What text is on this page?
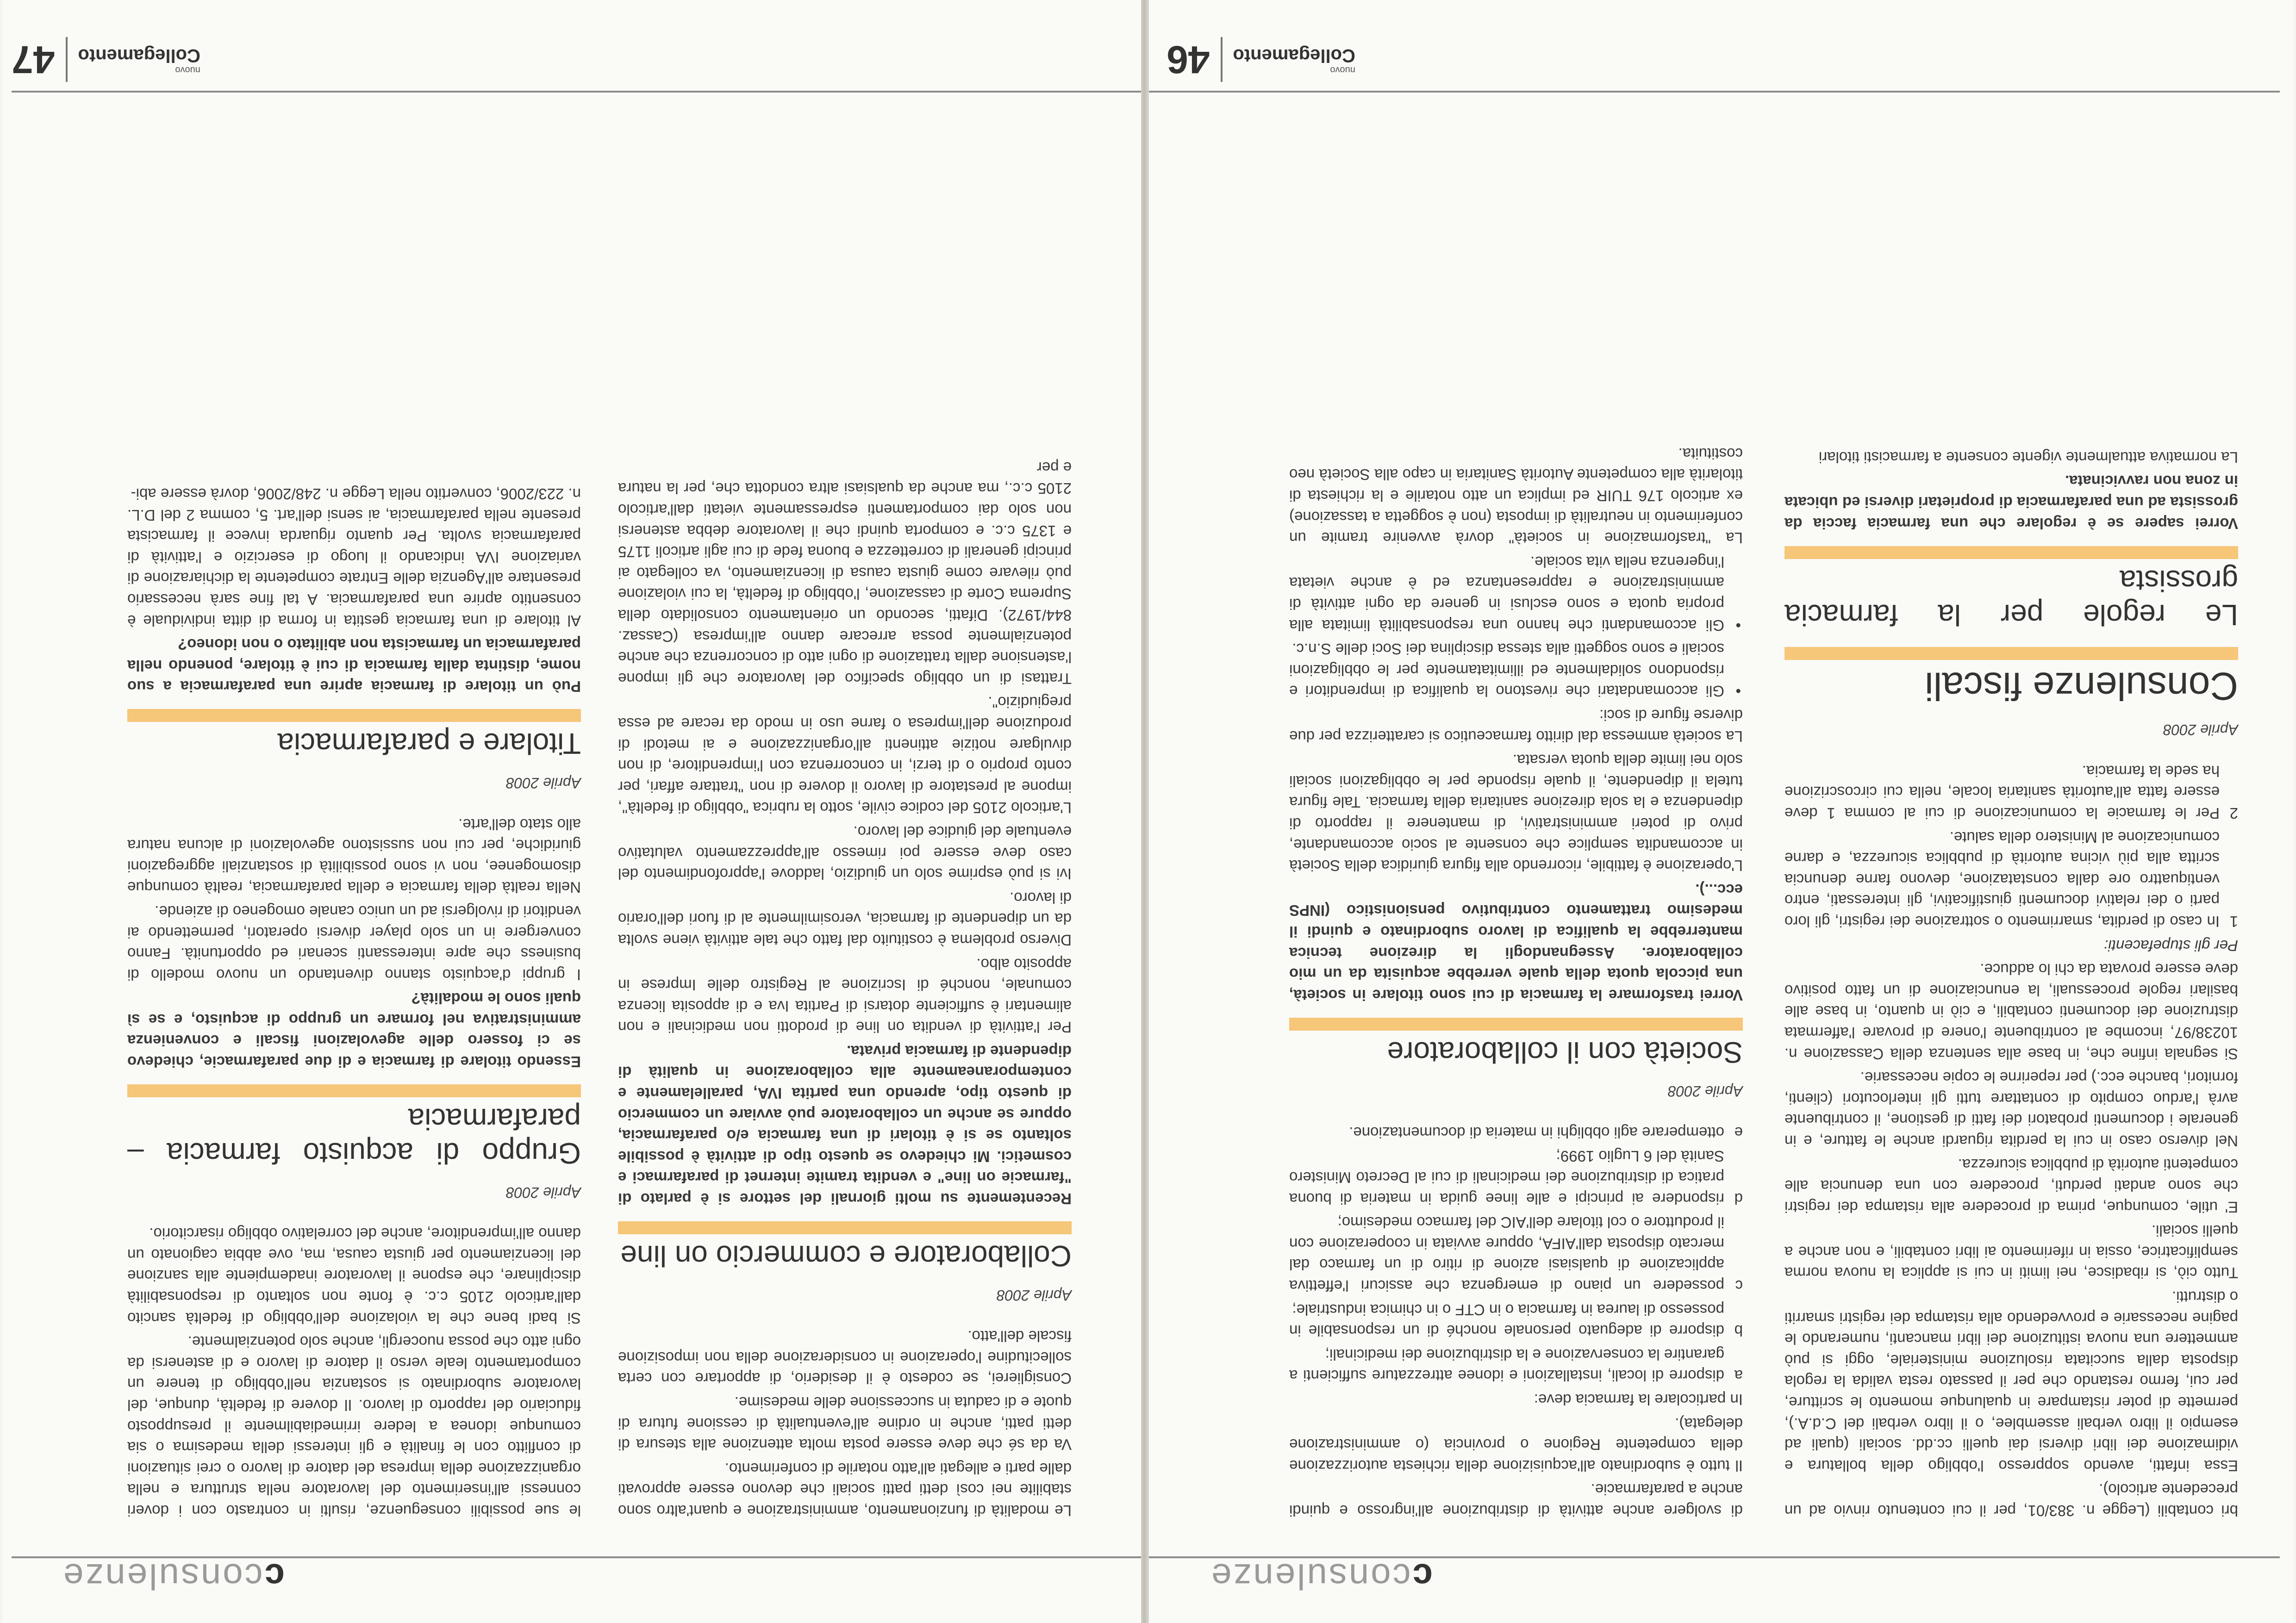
cconsulenze

bri contabili (Legge n. 383/01, per il cui contenuto rinvio ad un precedente articolo).

Essa infatti, avendo soppresso l'obbligo della bollatura e vidimazione dei libri diversi dai quelli cc.dd. sociali (quali ad esempio il libro verbali assemblee, o il libro verbali del C.d.A.), permette di poter ristampare in qualunque momento le scritture, per cui, fermo restando che per il passato resta valida la regola disposta dalla succitata risoluzione ministeriale, oggi si può ammettere una nuova istituzione dei libri mancanti, numerando le pagine necessarie e provvedendo alla ristampa dei registri smarriti o distrutti.

Tutto ciò, si ribadisce, nei limiti in cui si applica la nuova norma semplificatrice, ossia in riferimento ai libri contabili, e non anche a quelli sociali.

E' utile, comunque, prima di procedere alla ristampa dei registri che sono andati perduti, procedere con una denuncia alle competenti autorità di pubblica sicurezza.

Nel diverso caso in cui la perdita riguardi anche le fatture, e in generale i documenti probatori dei fatti di gestione, il contribuente avrà l'arduo compito di contattare tutti gli interlocutori (clienti, fornitori, banche ecc.) per reperirne le copie necessarie.

Si segnala infine che, in base alla sentenza della Cassazione n. 10238/97, incombe al contribuente l'onere di provare l'affermata distruzione dei documenti contabili, e ciò in quanto, in base alle basilari regole processuali, la enunciazione di un fatto positivo deve essere provata da chi lo adduce.

Per gli stupefacenti:

1
In caso di perdita, smarrimento o sottrazione dei registri, gli loro parti o dei relativi documenti giustificativi, gli interessati, entro ventiquattro ore dalla constatazione, devono farne denuncia scritta alla più vicina autorità di pubblica sicurezza, e darne comunicazione al Ministero della salute.

2
Per le farmacie la comunicazione di cui al comma 1 deve essere fatta all'autorità sanitaria locale, nella cui circoscrizione ha sede la farmacia.

Aprile 2008
Consulenze fiscali
Le regole per la farmacia grossista

Vorrei sapere se è regolare che una farmacia faccia da grossista ad una parafarmacia di proprietari diversi ed ubicata in zona non ravvicinata.

La normativa attualmente vigente consente a farmacisti titolari

di svolgere anche attività di distribuzione all'ingrosso e quindi anche a parafarmacie.

Il tutto è subordinato all'acquisizione della richiesta autorizzazione della competente Regione o provincia (o amministrazione delegata).

In particolare la farmacia deve:

a
disporre di locali, installazioni e idonee attrezzature sufficienti a garantire la conservazione e la distribuzione dei medicinali;

b
disporre di adeguato personale nonché di un responsabile in possesso di laurea in farmacia o in CTF o in chimica industriale;

c
possedere un piano di emergenza che assicuri l'effettiva applicazione di qualsiasi azione di ritiro di un farmaco dal mercato disposta dall'AIFA, oppure avviata in cooperazione con il produttore o col titolare dell'AIC del farmaco medesimo;

d
rispondere ai principi e alle linee guida in materia di buona pratica di distribuzione dei medicinali di cui al Decreto Ministero Sanità del 6 Luglio 1999;

e
ottemperare agli obblighi in materia di documentazione.

Aprile 2008
Società con il collaboratore

Vorrei trasformare la farmacia di cui sono titolare in società, una piccola quota della quale verrebbe acquisita da un mio collaboratore. Assegnandogli la direzione tecnica manterrebbe la qualifica di lavoro subordinato e quindi il medesimo trattamento contributivo pensionistico (INPS ecc...).

L'operazione è fattibile, ricorrendo alla figura giuridica della Società in accomandita semplice che consente al socio accomandante, privo di poteri amministrativi, di mantenere il rapporto di dipendenza e la sola direzione sanitaria della farmacia. Tale figura tutela il dipendente, il quale risponde per le obbligazioni sociali solo nei limite della quota versata.

La società ammessa dal diritto farmaceutico si caratterizza per due diverse figure di soci:

• Gli accomandatari che rivestono la qualifica di imprenditori e rispondono solidalmente ed illimitatamente per le obbligazioni sociali e sono soggetti alla stessa disciplina dei Soci delle S.n.c.

• Gli accomandanti che hanno una responsabilità limitata alla propria quota e sono esclusi in genere da ogni attività di amministrazione e rappresentanza ed è anche vietata l'ingerenza nella vita sociale.

La "trasformazione in società" dovrà avvenire tramite un conferimento in neutralità di imposta (non è soggetta a tassazione) ex articolo 176 TUIR ed implica un atto notarile e la richiesta di titolarità alla competente Autorità Sanitaria in capo alla Società neo costituita.

nuovo
Collegamento
46
cconsulenze

Le modalità di funzionamento, amministrazione e quant'altro sono stabilite nei così detti patti sociali che devono essere approvati dalle parti e allegati all'atto notarile di conferimento.

Va da sé che deve essere posta molta attenzione alla stesura di detti patti, anche in ordine all'eventualità di cessione futura di quote e di caduta in successione delle medesime.

Consiglierei, se codesto è il desiderio, di apportare con certa sollecitudine l'operazione in considerazione della non imposizione fiscale dell'atto.

Aprile 2008
Collaboratore e commercio on line

Recentemente su molti giornali del settore si è parlato di "farmacie on line" e vendita tramite internet di parafarmaci e cosmetici. Mi chiedevo se questo tipo di attività è possibile soltanto se si è titolari di una farmacia e/o parafarmacia, oppure se anche un collaboratore può avviare un commercio di questo tipo, aprendo una partita IVA, parallelamente e contemporaneamente alla collaborazione in qualità di dipendente di farmacia privata.

Per l'attività di vendita on line di prodotti non medicinali e non alimentari è sufficiente dotarsi di Partita Iva e di apposita licenza comunale, nonché di Iscrizione al Registro delle Imprese in apposito albo.

Diverso problema è costituito dal fatto che tale attività viene svolta da un dipendente di farmacia, verosimilmente al di fuori dell'orario di lavoro.

Ivi si può esprime solo un giudizio, laddove l'approfondimento del caso deve essere poi rimesso all'apprezzamento valutativo eventuale del giudice del lavoro.

L'articolo 2105 del codice civile, sotto la rubrica "obbligo di fedeltà", impone al prestatore di lavoro il dovere di non "trattare affari, per conto proprio o di terzi, in concorrenza con l'imprenditore, di non divulgare notizie attinenti all'organizzazione e ai metodi di produzione dell'impresa o farne uso in modo da recare ad essa pregiudizio".

Trattasi di un obbligo specifico del lavoratore che gli impone l'astensione dalla trattazione di ogni atto di concorrenza che anche potenzialmente possa arrecare danno all'impresa (Cassaz. 844/1972). Difatti, secondo un orientamento consolidato della Suprema Corte di cassazione, l'obbligo di fedeltà, la cui violazione può rilevare come giusta causa di licenziamento, va collegato ai principi generali di correttezza e buona fede di cui agli articoli 1175 e 1375 c.c. e comporta quindi che il lavoratore debba astenersi non solo dai comportamenti espressamente vietati dall'articolo 2105 c.c., ma anche da qualsiasi altra condotta che, per la natura e per

le sue possibili conseguenze, risulti in contrasto con i doveri connessi all'inserimento del lavoratore nella struttura e nella organizzazione della impresa del datore di lavoro o crei situazioni di conflitto con le finalità e gli interessi della medesima o sia comunque idonea a ledere irrimediabilmente il presupposto fiduciario del rapporto di lavoro. Il dovere di fedeltà, dunque, del lavoratore subordinato si sostanzia nell'obbligo di tenere un comportamento leale verso il datore di lavoro e di astenersi da ogni atto che possa nuocergli, anche solo potenzialmente.

Si badi bene che la violazione dell'obbligo di fedeltà sancito dall'articolo 2105 c.c. è fonte non soltanto di responsabilità disciplinare, che espone il lavoratore inadempiente alla sanzione del licenziamento per giusta causa, ma, ove abbia cagionato un danno all'imprenditore, anche del correlativo obbligo risarcitorio.

Aprile 2008
Gruppo di acquisto farmacia –parafarmacia

Essendo titolare di farmacia e di due parafarmacie, chiedevo se ci fossero delle agevolazioni fiscali e convenienza amministrativa nel formare un gruppo di acquisto, e se sì quali sono le modalità?

I gruppi d'acquisto stanno diventando un nuovo modello di business che apre interessanti scenari ed opportunità. Fanno convergere in un solo player diversi operatori, permettendo ai venditori di rivolgersi ad un unico canale omogeneo di aziende.

Nella realtà della farmacia e della parafarmacia, realtà comunque disomogenee, non vi sono possibilità di sostanziali aggregazioni giuridiche, per cui non sussistono agevolazioni di alcuna natura allo stato dell'arte.

Aprile 2008
Titolare e parafarmacia

Può un titolare di farmacia aprire una parafarmacia a suo nome, distinta dalla farmacia di cui è titolare, ponendo nella parafarmacia un farmacista non abilitato o non idoneo?

Al titolare di una farmacia gestita in forma di ditta individuale è consentito aprire una parafarmacia. A tal fine sarà necessario presentare all'Agenzia delle Entrate competente la dichiarazione di variazione IVA indicando il luogo di esercizio e l'attività di parafarmacia svolta. Per quanto riguarda invece il farmacista presente nella parafarmacia, ai sensi dell'art. 5, comma 2 del D.L. n. 223/2006, convertito nella Legge n. 248/2006, dovrà essere abi-

nuovo
Collegamento
47
